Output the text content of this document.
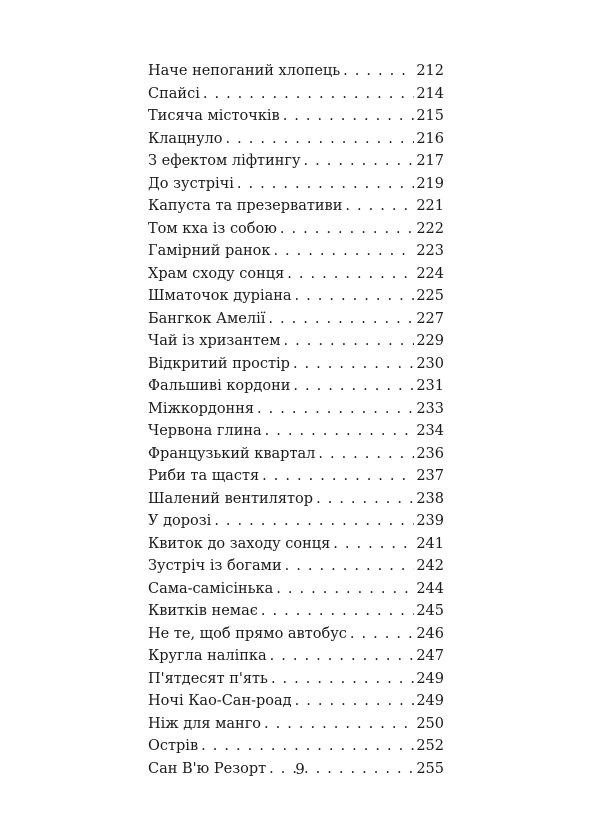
Наче непоганий хлопець . . .	212
Спайсі . . .	214
Тисяча місточків . . .	215
Клацнуло . . .	216
З ефектом ліфтингу . . .	217
До зустрічі . . .	219
Капуста та презервативи . . .	221
Том кха із собою . . .	222
Гамірний ранок . . .	223
Храм сходу сонця . . .	224
Шматочок дуріана . . .	225
Бангкок Амелії . . .	227
Чай із хризантем . . .	229
Відкритий простір . . .	230
Фальшиві кордони . . .	231
Міжкордоння . . .	233
Червона глина . . .	234
Французький квартал . . .	236
Риби та щастя . . .	237
Шалений вентилятор . . .	238
У дорозі . . .	239
Квиток до заходу сонця . . .	241
Зустріч із богами . . .	242
Сама-самісінька . . .	244
Квитків немає . . .	245
Не те, щоб прямо автобус . . .	246
Кругла наліпка . . .	247
П'ятдесят п'ять . . .	249
Ночі Као-Сан-роад . . .	249
Ніж для манго . . .	250
Острів . . .	252
Сан В'ю Резорт . . .	255
9
